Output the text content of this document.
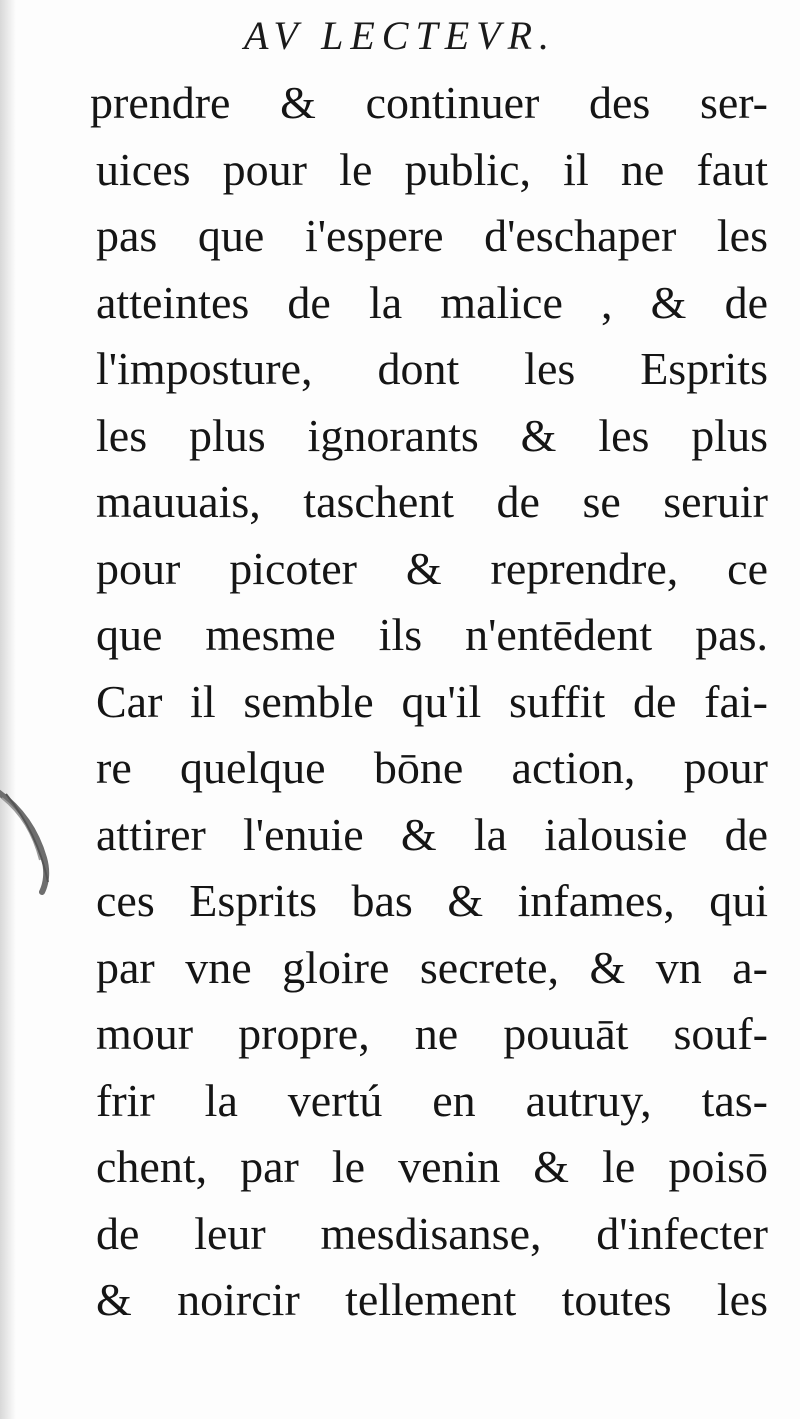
AV LECTEVR.
prendre & continuer des ser-
uices pour le public, il ne faut
pas que i'espere d'eschaper les
atteintes de la malice , & de
l'imposture, dont les Esprits
les plus ignorants & les plus
mauuais, taschent de se seruir
pour picoter & reprendre, ce
que mesme ils n'entēdent pas.
Car il semble qu'il suffit de fai-
re quelque bōne action, pour
attirer l'enuie & la ialousie de
ces Esprits bas & infames, qui
par vne gloire secrete, & vn a-
mour propre, ne pouuāt souf-
frir la vertú en autruy, tas-
chent, par le venin & le poisō
de leur mesdisanse, d'infecter
& noircir tellement toutes les
